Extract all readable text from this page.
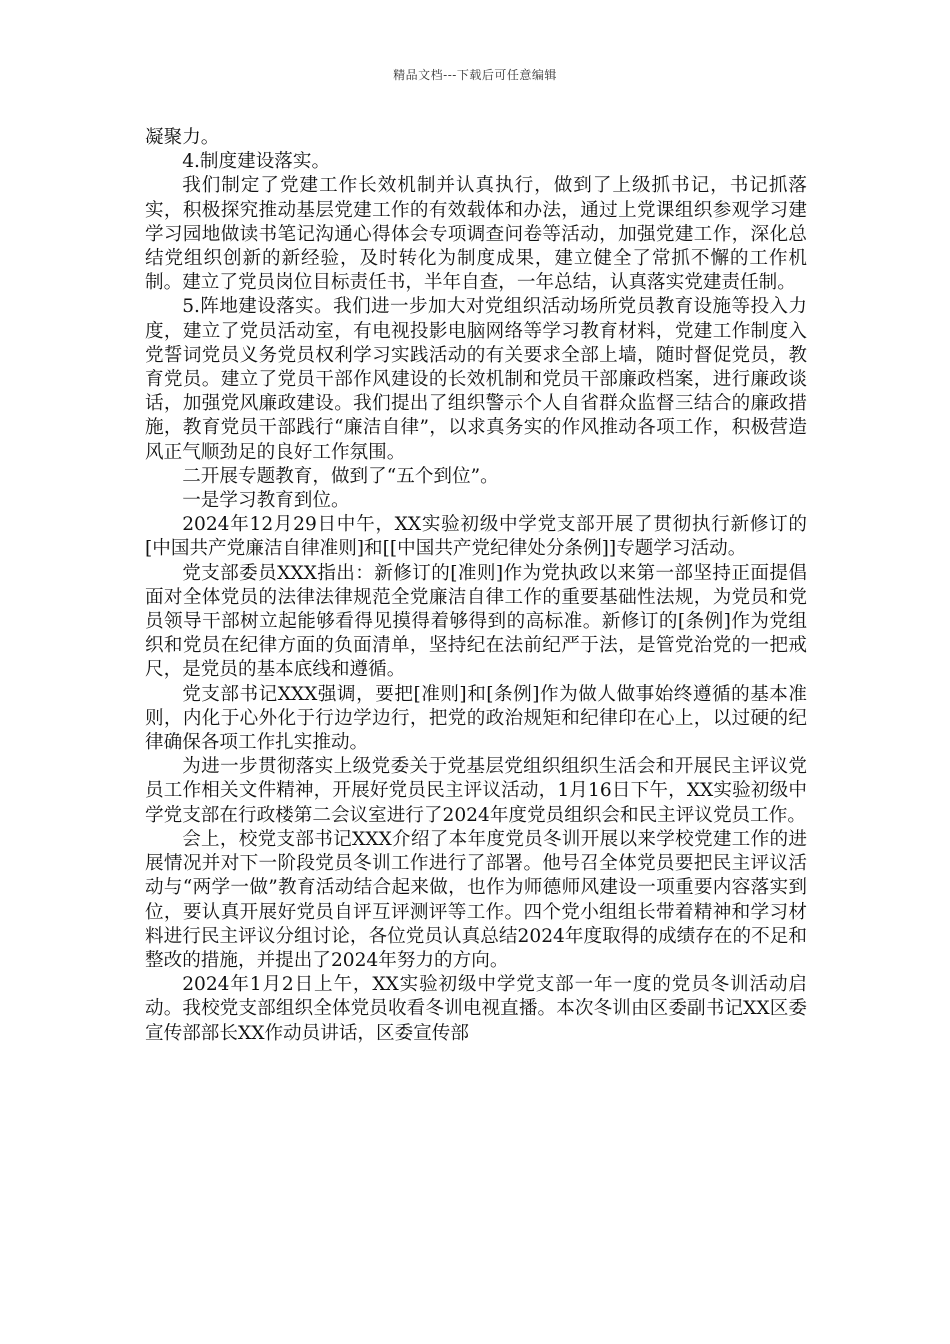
精品文档---下载后可任意编辑

凝聚力。

4.制度建设落实。

我们制定了党建工作长效机制并认真执行，做到了上级抓书记，书记抓落实，积极探究推动基层党建工作的有效载体和办法，通过上党课组织参观学习建学习园地做读书笔记沟通心得体会专项调查问卷等活动，加强党建工作，深化总结党组织创新的新经验，及时转化为制度成果，建立健全了常抓不懈的工作机制。建立了党员岗位目标责任书，半年自查，一年总结，认真落实党建责任制。

5.阵地建设落实。我们进一步加大对党组织活动场所党员教育设施等投入力度，建立了党员活动室，有电视投影电脑网络等学习教育材料，党建工作制度入党誓词党员义务党员权利学习实践活动的有关要求全部上墙，随时督促党员，教育党员。建立了党员干部作风建设的长效机制和党员干部廉政档案，进行廉政谈话，加强党风廉政建设。我们提出了组织警示个人自省群众监督三结合的廉政措施，教育党员干部践行“廉洁自律”，以求真务实的作风推动各项工作，积极营造风正气顺劲足的良好工作氛围。

二开展专题教育，做到了“五个到位”。

一是学习教育到位。

2024年12月29日中午，XX实验初级中学党支部开展了贯彻执行新修订的[中国共产党廉洁自律准则]和[[中国共产党纪律处分条例]]专题学习活动。

党支部委员XXX指出：新修订的[准则]作为党执政以来第一部坚持正面提倡面对全体党员的法律法律规范全党廉洁自律工作的重要基础性法规，为党员和党员领导干部树立起能够看得见摸得着够得到的高标准。新修订的[条例]作为党组织和党员在纪律方面的负面清单，坚持纪在法前纪严于法，是管党治党的一把戒尺，是党员的基本底线和遵循。

党支部书记XXX强调，要把[准则]和[条例]作为做人做事始终遵循的基本准则，内化于心外化于行边学边行，把党的政治规矩和纪律印在心上，以过硬的纪律确保各项工作扎实推动。

为进一步贯彻落实上级党委关于党基层党组织组织生活会和开展民主评议党员工作相关文件精神，开展好党员民主评议活动，1月16日下午，XX实验初级中学党支部在行政楼第二会议室进行了2024年度党员组织会和民主评议党员工作。

会上，校党支部书记XXX介绍了本年度党员冬训开展以来学校党建工作的进展情况并对下一阶段党员冬训工作进行了部署。他号召全体党员要把民主评议活动与“两学一做”教育活动结合起来做，也作为师德师风建设一项重要内容落实到位，要认真开展好党员自评互评测评等工作。四个党小组组长带着精神和学习材料进行民主评议分组讨论，各位党员认真总结2024年度取得的成绩存在的不足和整改的措施，并提出了2024年努力的方向。

2024年1月2日上午，XX实验初级中学党支部一年一度的党员冬训活动启动。我校党支部组织全体党员收看冬训电视直播。本次冬训由区委副书记XX区委宣传部部长XX作动员讲话，区委宣传部
